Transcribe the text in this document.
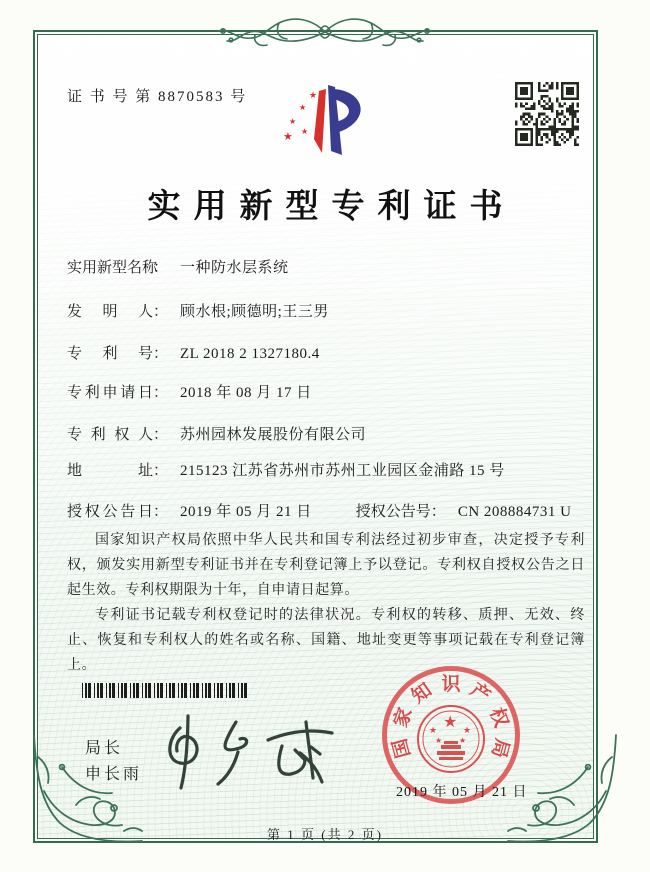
证 书 号 第 8870583 号	★
★
★
★ ★
实用新型专利证书
实用新型名称： 一种防水层系统
发明人： 顾水根;顾德明;王三男
专利号： ZL 2018 2 1327180.4
专利申请日： 2018 年 08 月 17 日
专利权人： 苏州园林发展股份有限公司
地址： 215123 江苏省苏州市苏州工业园区金浦路 15 号
授权公告日： 2019 年 05 月 21 日	授权公告号： CN 208884731 U

国家知识产权局依照中华人民共和国专利法经过初步审查，决定授予专利权，颁发实用新型专利证书并在专利登记簿上予以登记。专利权自授权公告之日起生效。专利权期限为十年，自申请日起算。

专利证书记载专利权登记时的法律状况。专利权的转移、质押、无效、终止、恢复和专利权人的姓名或名称、国籍、地址变更等事项记载在专利登记簿上。

局长
申长雨
国
家
知 识 产
权
局
★
★	★
★ ★
2019 年 05 月 21 日
第 1 页 (共 2 页)
